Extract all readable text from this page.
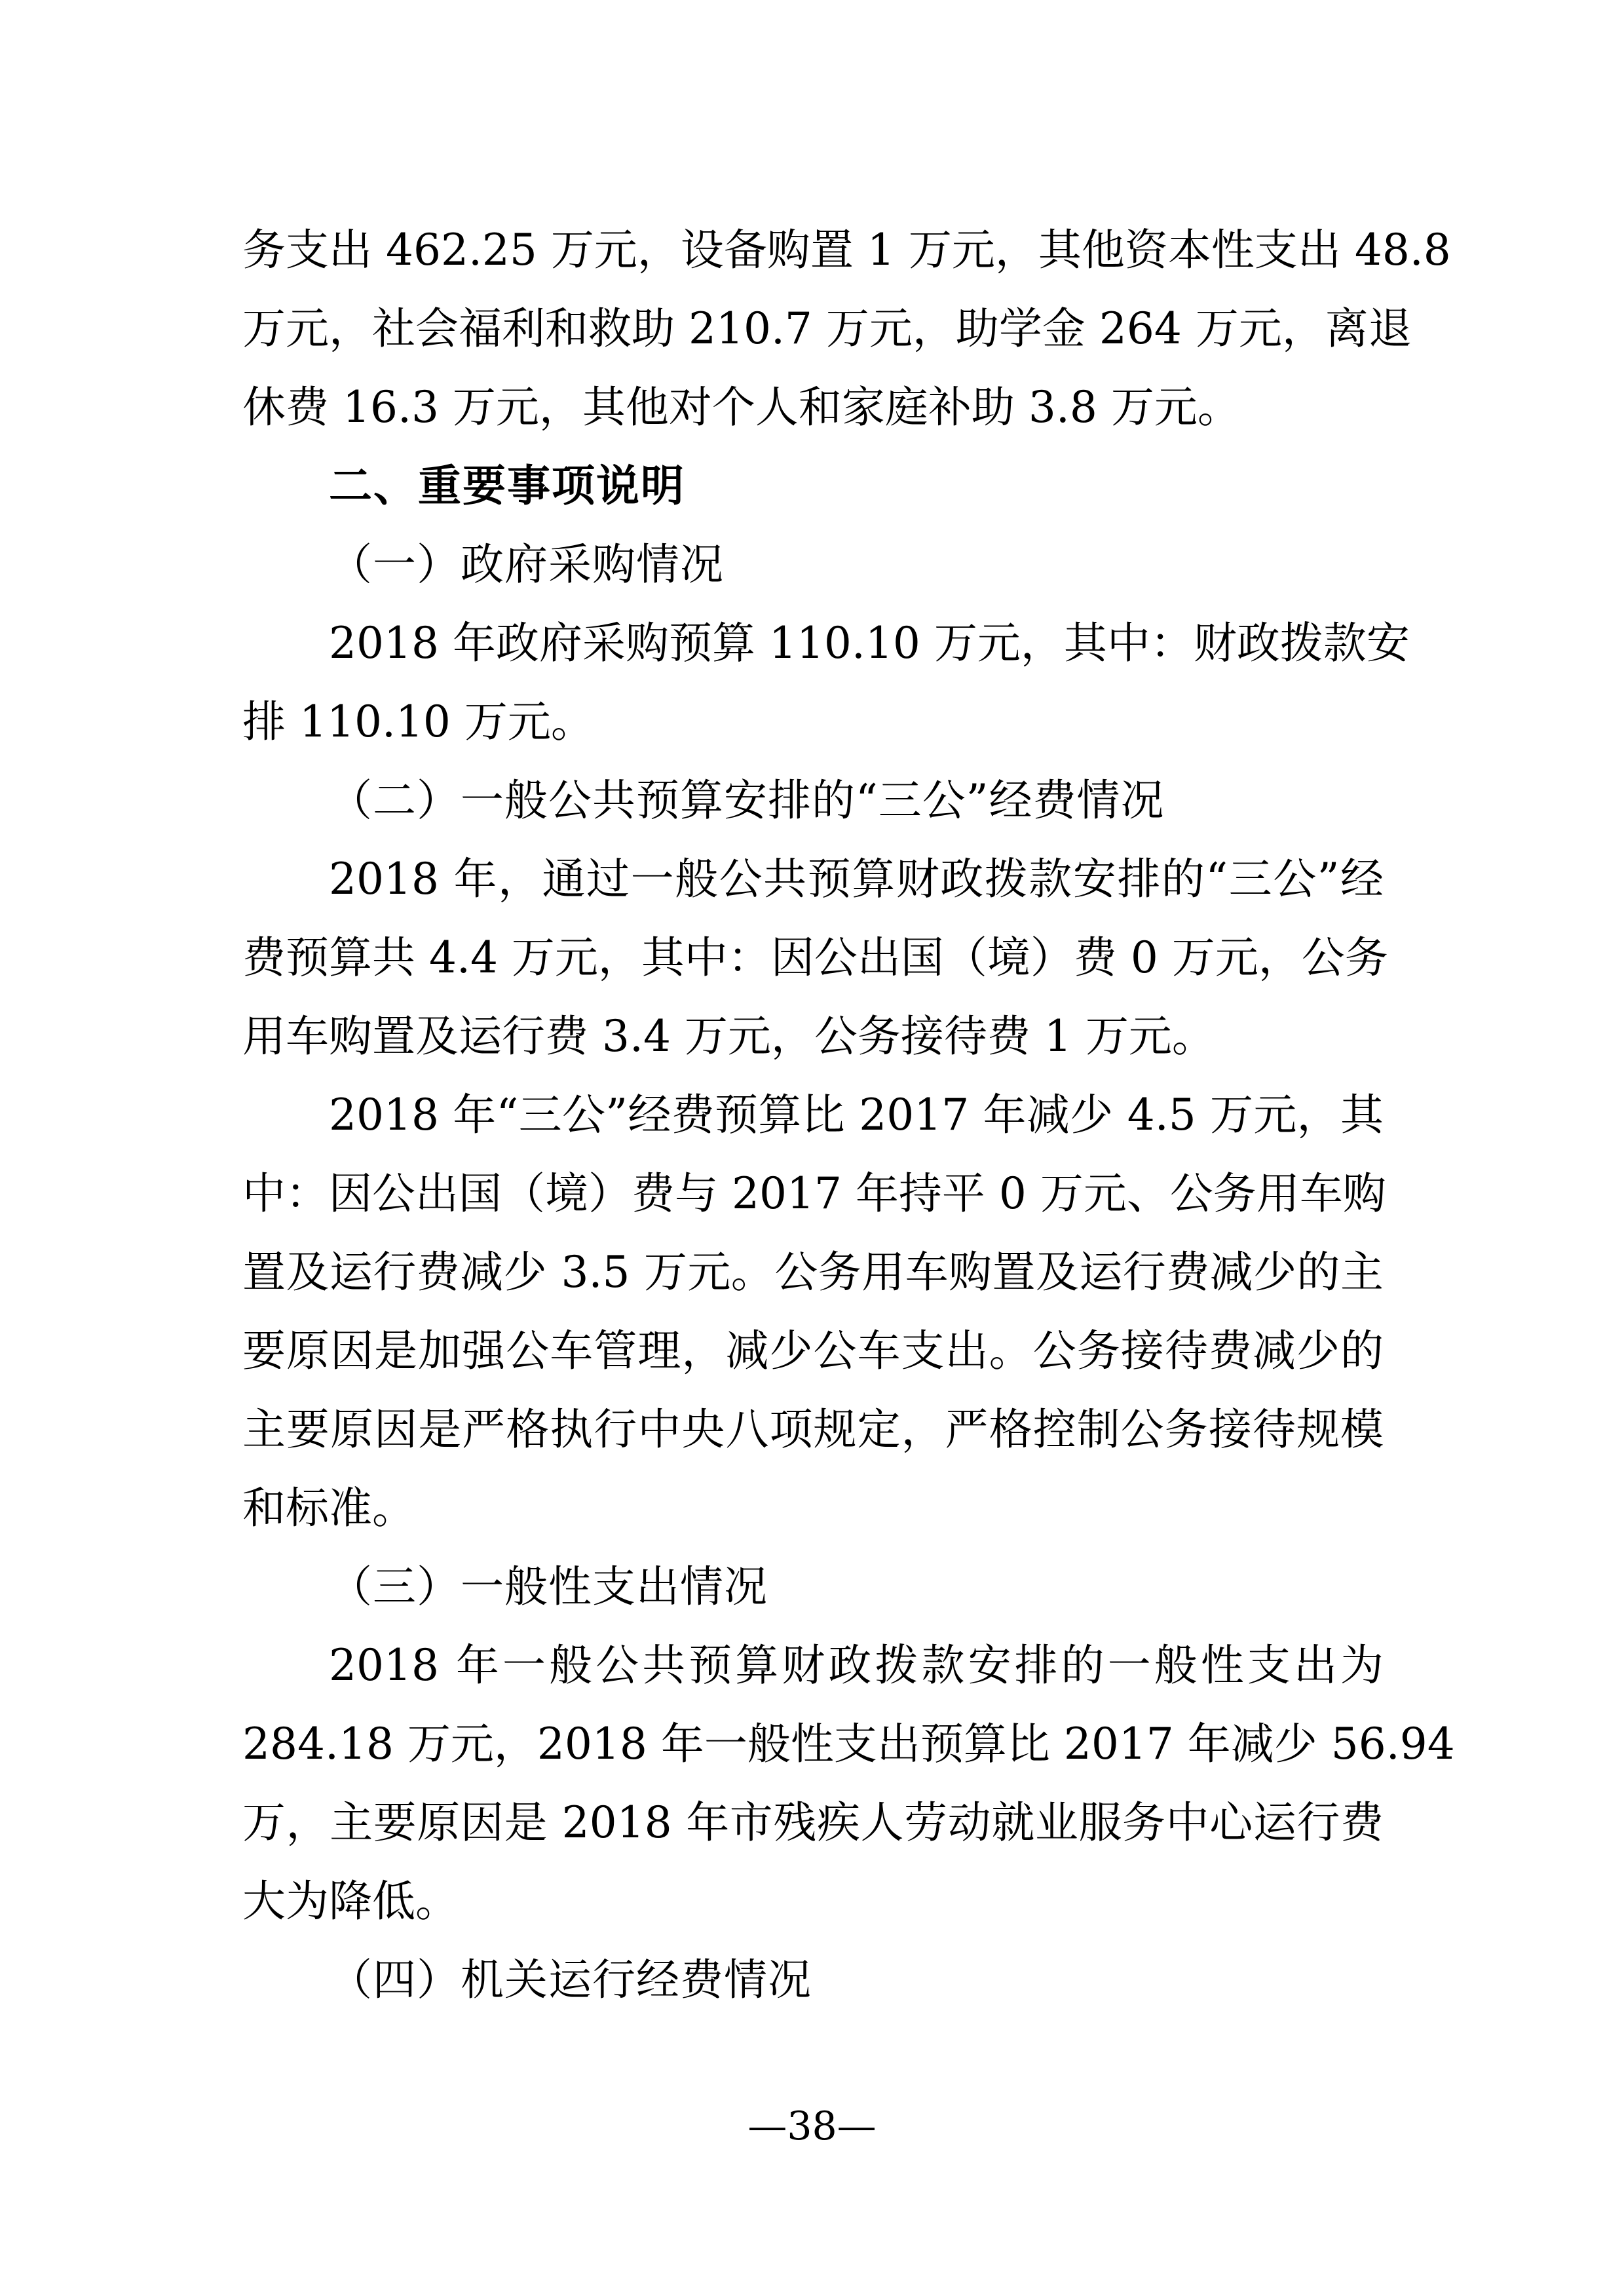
务支出 462.25 万元，设备购置 1 万元，其他资本性支出 48.8
万元，社会福利和救助 210.7 万元，助学金 264 万元，离退
休费 16.3 万元，其他对个人和家庭补助 3.8 万元。
二、重要事项说明
（一）政府采购情况
2018 年政府采购预算 110.10 万元，其中：财政拨款安
排 110.10 万元。
（二）一般公共预算安排的“三公”经费情况
2018 年，通过一般公共预算财政拨款安排的“三公”经
费预算共 4.4 万元，其中：因公出国（境）费 0 万元，公务
用车购置及运行费 3.4 万元，公务接待费 1 万元。
2018 年“三公”经费预算比 2017 年减少 4.5 万元，其
中：因公出国（境）费与 2017 年持平 0 万元、公务用车购
置及运行费减少 3.5 万元。公务用车购置及运行费减少的主
要原因是加强公车管理，减少公车支出。公务接待费减少的
主要原因是严格执行中央八项规定，严格控制公务接待规模
和标准。
（三）一般性支出情况
2018 年一般公共预算财政拨款安排的一般性支出为
284.18 万元，2018 年一般性支出预算比 2017 年减少 56.94
万，主要原因是 2018 年市残疾人劳动就业服务中心运行费
大为降低。
（四）机关运行经费情况
—38—
